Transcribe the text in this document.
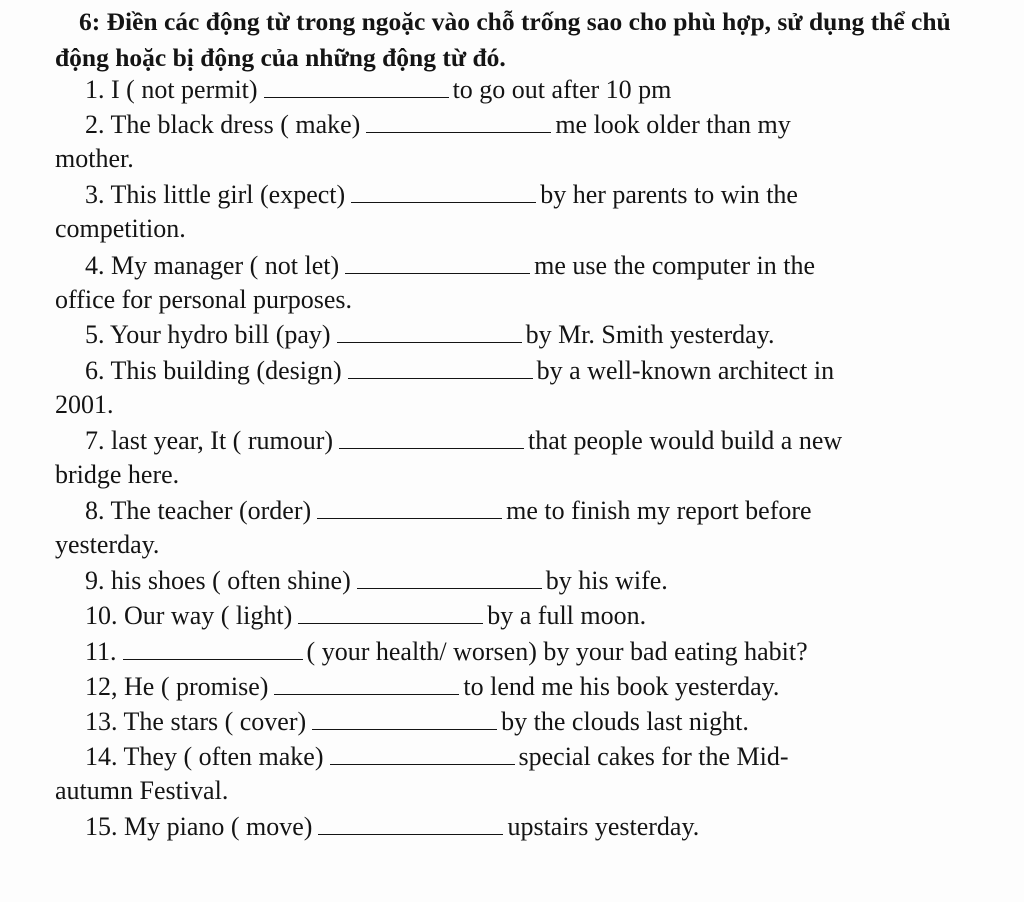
6: Điền các động từ trong ngoặc vào chỗ trống sao cho phù hợp, sử dụng thể chủ động hoặc bị động của những động từ đó.
1. I ( not permit)	to go out after 10 pm
2. The black dress ( make)	me look older than my
mother.
3. This little girl (expect)	by her parents to win the
competition.
4. My manager ( not let)	me use the computer in the
office for personal purposes.
5. Your hydro bill (pay)	by Mr. Smith yesterday.
6. This building (design)	by a well-known architect in
2001.
7. last year, It ( rumour)	that people would build a new
bridge here.
8. The teacher (order)	me to finish my report before
yesterday.
9. his shoes ( often shine)	by his wife.
10. Our way ( light)	by a full moon.
11.	( your health/ worsen) by your bad eating habit?
12, He ( promise)	to lend me his book yesterday.
13. The stars ( cover)	by the clouds last night.
14. They ( often make)	special cakes for the Mid-
autumn Festival.
15. My piano ( move)	upstairs yesterday.
